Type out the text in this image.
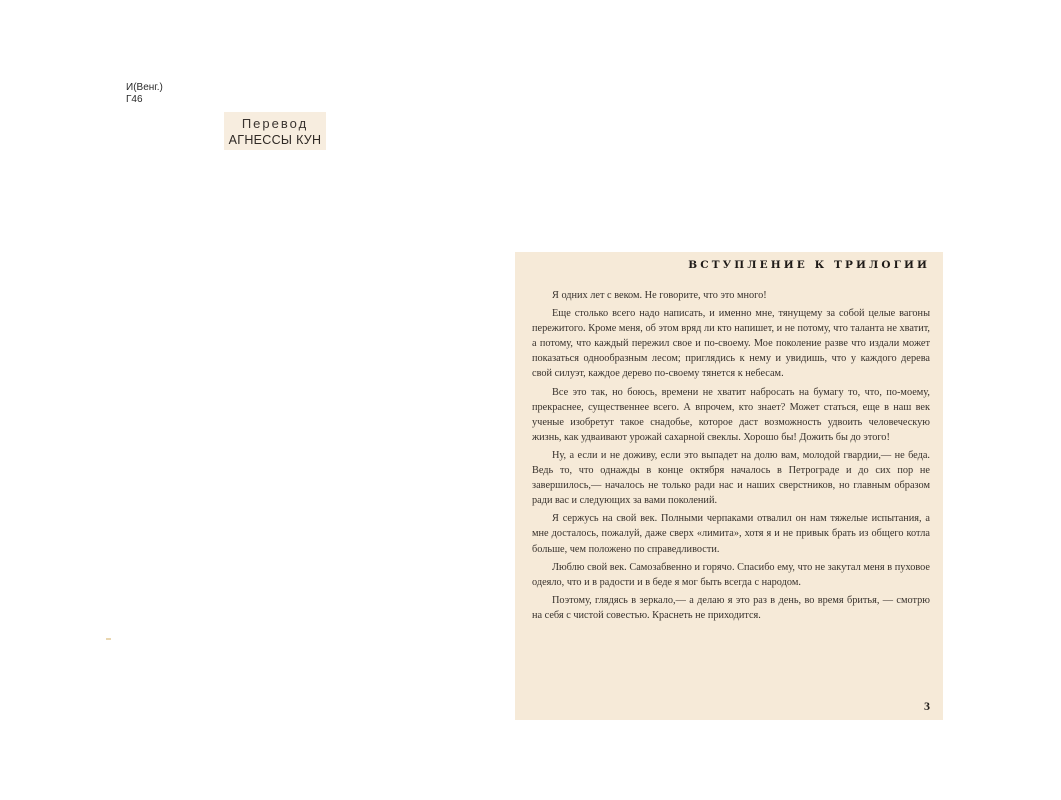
И(Венг.)
Г46
Перевод
АГНЕССЫ КУН
ВСТУПЛЕНИЕ К ТРИЛОГИИ

Я одних лет с веком. Не говорите, что это много!

Еще столько всего надо написать, и именно мне, тянущему за собой целые вагоны пережитого. Кроме меня, об этом вряд ли кто напишет, и не потому, что таланта не хватит, а потому, что каждый пережил свое и по-своему. Мое поколение разве что издали может показаться однообразным лесом; приглядись к нему и увидишь, что у каждого дерева свой силуэт, каждое дерево по-своему тянется к небесам.

Все это так, но боюсь, времени не хватит набросать на бумагу то, что, по-моему, прекраснее, существеннее всего. А впрочем, кто знает? Может статься, еще в наш век ученые изобретут такое снадобье, которое даст возможность удвоить человеческую жизнь, как удваивают урожай сахарной свеклы. Хорошо бы! Дожить бы до этого!

Ну, а если и не доживу, если это выпадет на долю вам, молодой гвардии,— не беда. Ведь то, что однажды в конце октября началось в Петрограде и до сих пор не завершилось,— началось не только ради нас и наших сверстников, но главным образом ради вас и следующих за вами поколений.

Я сержусь на свой век. Полными черпаками отвалил он нам тяжелые испытания, а мне досталось, пожалуй, даже сверх «лимита», хотя я и не привык брать из общего котла больше, чем положено по справедливости.

Люблю свой век. Самозабвенно и горячо. Спасибо ему, что не закутал меня в пуховое одеяло, что и в радости и в беде я мог быть всегда с народом.

Поэтому, глядясь в зеркало,— а делаю я это раз в день, во время бритья, — смотрю на себя с чистой совестью. Краснеть не приходится.

3
